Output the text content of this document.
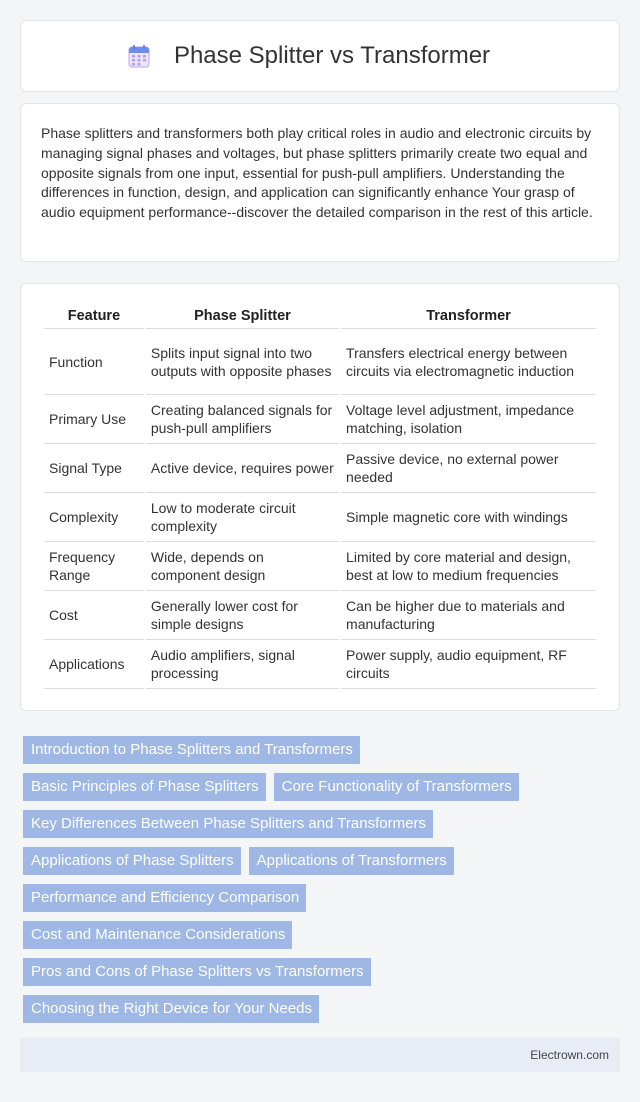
Phase Splitter vs Transformer

Phase splitters and transformers both play critical roles in audio and electronic circuits by managing signal phases and voltages, but phase splitters primarily create two equal and opposite signals from one input, essential for push-pull amplifiers. Understanding the differences in function, design, and application can significantly enhance Your grasp of audio equipment performance--discover the detailed comparison in the rest of this article.

Feature	Phase Splitter	Transformer
Function	Splits input signal into two outputs with opposite phases	Transfers electrical energy between circuits via electromagnetic induction
Primary Use	Creating balanced signals for push-pull amplifiers	Voltage level adjustment, impedance matching, isolation
Signal Type	Active device, requires power	Passive device, no external power needed
Complexity	Low to moderate circuit complexity	Simple magnetic core with windings
Frequency Range	Wide, depends on component design	Limited by core material and design, best at low to medium frequencies
Cost	Generally lower cost for simple designs	Can be higher due to materials and manufacturing
Applications	Audio amplifiers, signal processing	Power supply, audio equipment, RF circuits
Introduction to Phase Splitters and Transformers
Basic Principles of Phase Splitters	Core Functionality of Transformers
Key Differences Between Phase Splitters and Transformers
Applications of Phase Splitters	Applications of Transformers
Performance and Efficiency Comparison
Cost and Maintenance Considerations
Pros and Cons of Phase Splitters vs Transformers
Choosing the Right Device for Your Needs
Electrown.com
